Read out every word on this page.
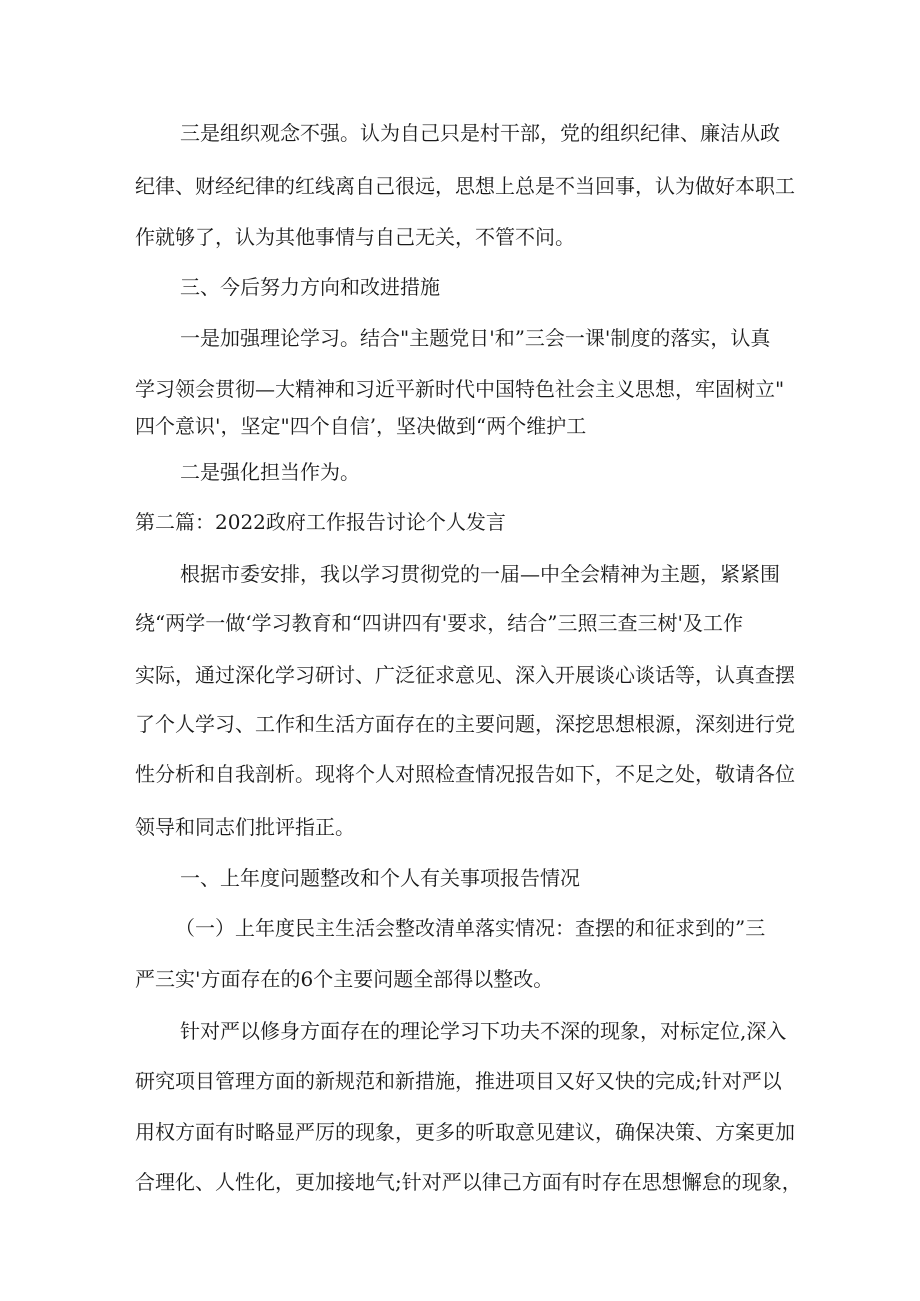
三是组织观念不强。认为自己只是村干部，党的组织纪律、廉洁从政
纪律、财经纪律的红线离自己很远，思想上总是不当回事，认为做好本职工
作就够了，认为其他事情与自己无关，不管不问。
三、今后努力方向和改进措施
一是加强理论学习。结合"主题党日'和”三会一课'制度的落实，认真
学习领会贯彻—大精神和习近平新时代中国特色社会主义思想，牢固树立"
四个意识'，坚定"四个自信’，坚决做到“两个维护工
二是强化担当作为。
第二篇：2022政府工作报告讨论个人发言
根据市委安排，我以学习贯彻党的一届—中全会精神为主题，紧紧围
绕“两学一做‘学习教育和“四讲四有'要求，结合”三照三查三树'及工作
实际，通过深化学习研讨、广泛征求意见、深入开展谈心谈话等，认真查摆
了个人学习、工作和生活方面存在的主要问题，深挖思想根源，深刻进行党
性分析和自我剖析。现将个人对照检查情况报告如下，不足之处，敬请各位
领导和同志们批评指正。
一、上年度问题整改和个人有关事项报告情况
（一）上年度民主生活会整改清单落实情况：查摆的和征求到的”三
严三实'方面存在的6个主要问题全部得以整改。
针对严以修身方面存在的理论学习下功夫不深的现象，对标定位,深入
研究项目管理方面的新规范和新措施，推进项目又好又快的完成;针对严以
用权方面有时略显严厉的现象，更多的听取意见建议，确保决策、方案更加
合理化、人性化，更加接地气;针对严以律己方面有时存在思想懈怠的现象，
